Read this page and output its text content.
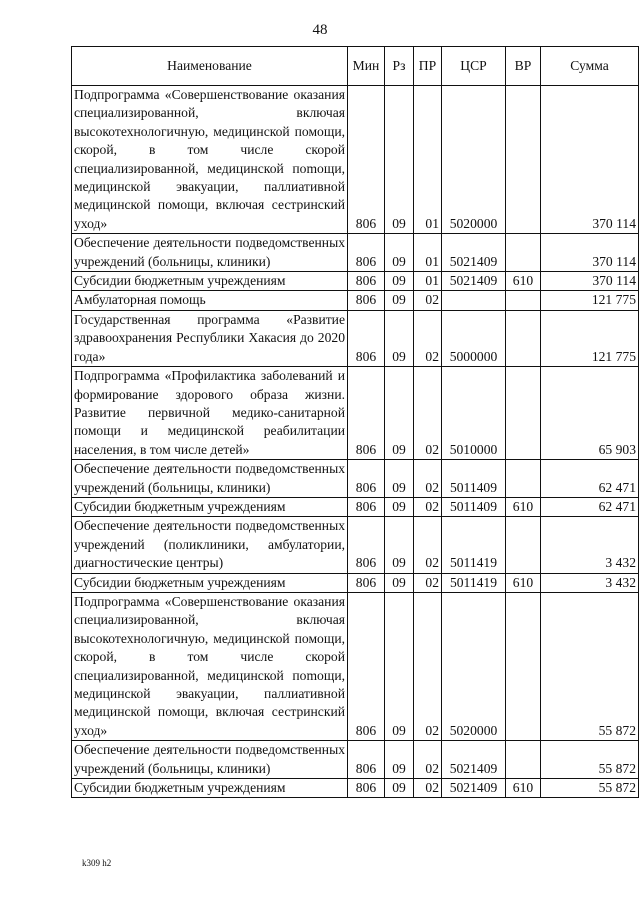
48
Наименование	Мин	Рз	ПР	ЦСР	ВР	Сумма
Подпрограмма «Совершенствование оказания специализированной, включая высокотехнологичную, медицинской помощи, скорой, в том числе скорой специализированной, медицинской поmощи, медицинской эвакуации, паллиативной медицинской помощи, включая сестринский уход»	806	09	01	5020000		370 114
Обеспечение деятельности подведомственных учреждений (больницы, клиники)	806	09	01	5021409		370 114
Субсидии бюджетным учреждениям	806	09	01	5021409	610	370 114
Амбулаторная помощь	806	09	02			121 775
Государственная программа «Развитие здравоохранения Республики Хакасия до 2020 года»	806	09	02	5000000		121 775
Подпрограмма «Профилактика заболеваний и формирование здорового образа жизни. Развитие первичной медико-санитарной помощи и медицинской реабилитации населения, в том числе детей»	806	09	02	5010000		65 903
Обеспечение деятельности подведомственных учреждений (больницы, клиники)	806	09	02	5011409		62 471
Субсидии бюджетным учреждениям	806	09	02	5011409	610	62 471
Обеспечение деятельности подведомственных учреждений (поликлиники, амбулатории, диагностические центры)	806	09	02	5011419		3 432
Субсидии бюджетным учреждениям	806	09	02	5011419	610	3 432
Подпрограмма «Совершенствование оказания специализированной, включая высокотехнологичную, медицинской помощи, скорой, в том числе скорой специализированной, медицинской поmощи, медицинской эвакуации, паллиативной медицинской помощи, включая сестринский уход»	806	09	02	5020000		55 872
Обеспечение деятельности подведомственных учреждений (больницы, клиники)	806	09	02	5021409		55 872
Субсидии бюджетным учреждениям	806	09	02	5021409	610	55 872
k309 h2
